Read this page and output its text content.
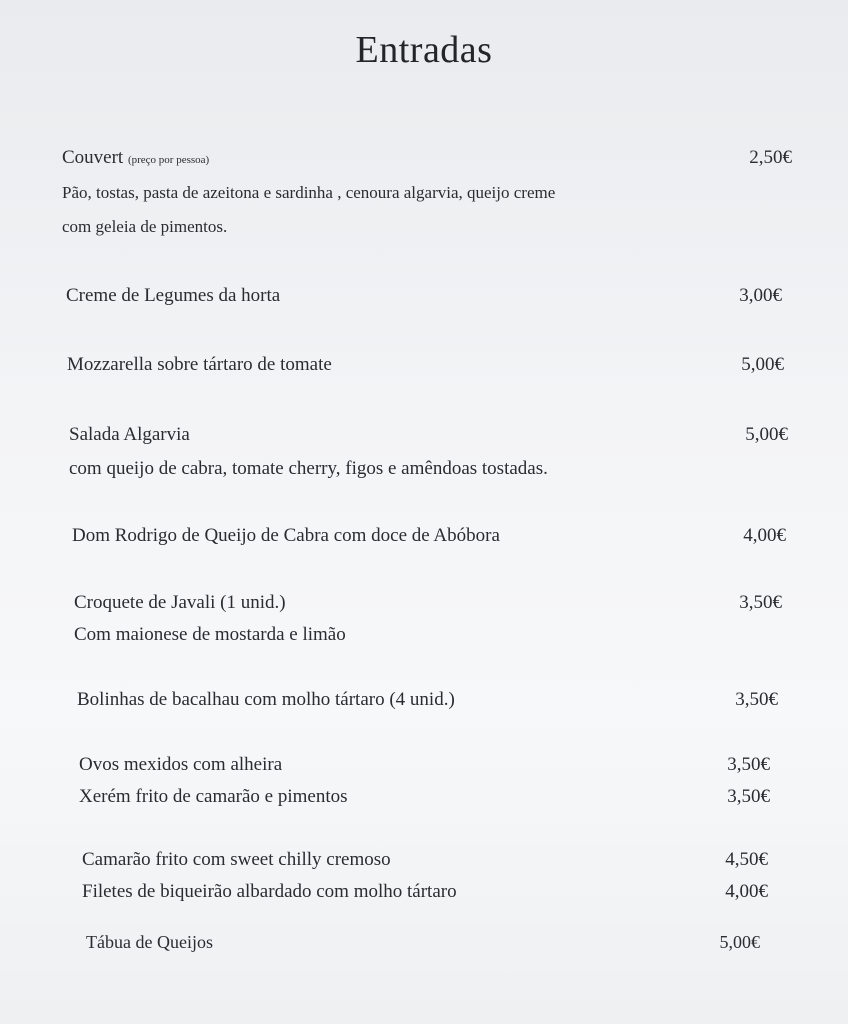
Entradas
Couvert (preço por pessoa)	2,50€
Pão, tostas, pasta de azeitona e sardinha , cenoura algarvia, queijo creme
com geleia de pimentos.
Creme de Legumes da horta	3,00€
Mozzarella sobre tártaro de tomate	5,00€
Salada Algarvia	5,00€
com queijo de cabra, tomate cherry, figos e amêndoas tostadas.
Dom Rodrigo de Queijo de Cabra com doce de Abóbora	4,00€
Croquete de Javali (1 unid.)	3,50€
Com maionese de mostarda e limão
Bolinhas de bacalhau com molho tártaro (4 unid.)	3,50€
Ovos mexidos com alheira	3,50€
Xerém frito de camarão e pimentos	3,50€
Camarão frito com sweet chilly cremoso	4,50€
Filetes de biqueirão albardado com molho tártaro	4,00€
Tábua de Queijos	5,00€
